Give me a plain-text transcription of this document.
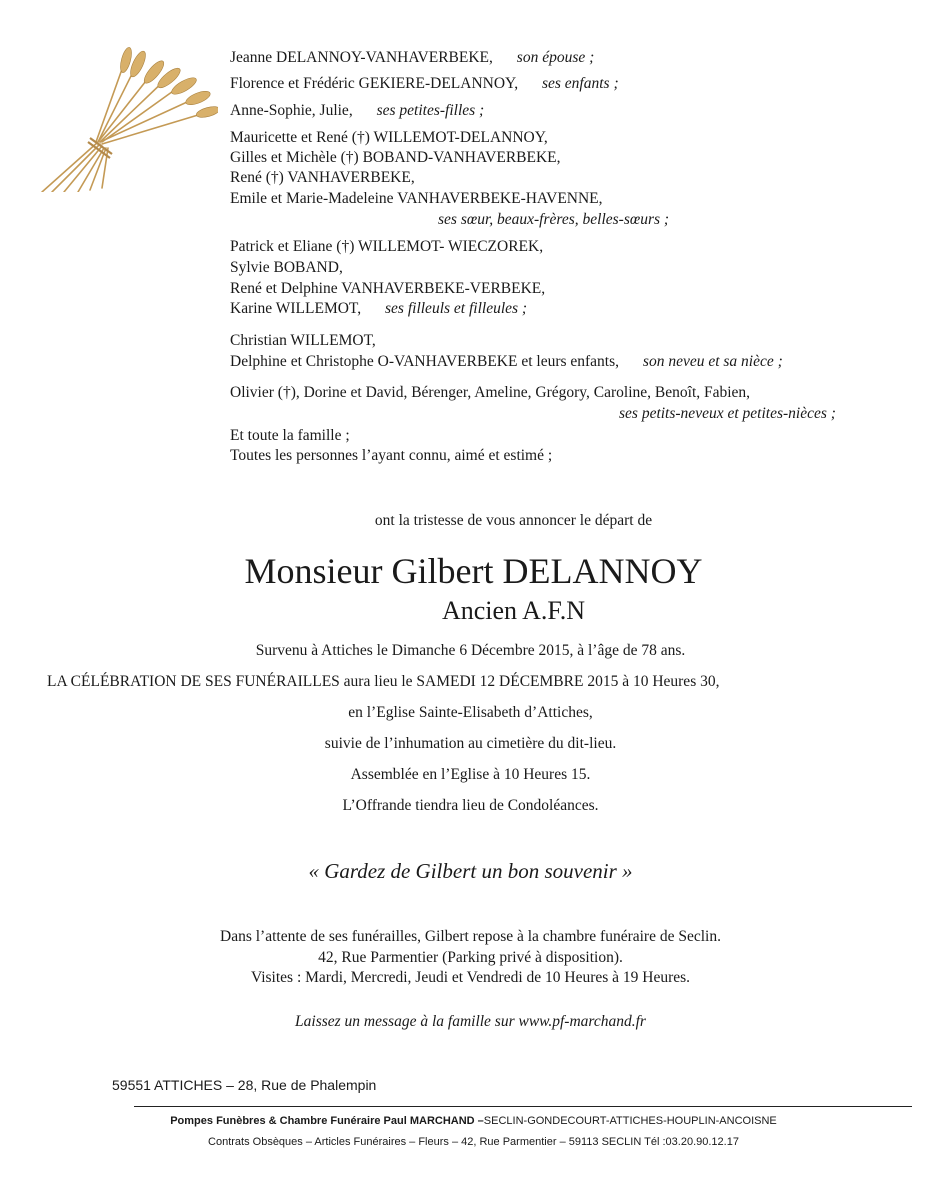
Jeanne DELANNOY-VANHAVERBEKE, son épouse ;
Florence et Frédéric GEKIERE-DELANNOY, ses enfants ;
Anne-Sophie, Julie, ses petites-filles ;
Mauricette et René (†) WILLEMOT-DELANNOY,
Gilles et Michèle (†) BOBAND-VANHAVERBEKE,
René (†) VANHAVERBEKE,
Emile et Marie-Madeleine VANHAVERBEKE-HAVENNE,
ses sœur, beaux-frères, belles-sœurs ;
Patrick et Eliane (†) WILLEMOT- WIECZOREK,
Sylvie BOBAND,
René et Delphine VANHAVERBEKE-VERBEKE,
Karine WILLEMOT, ses filleuls et filleules ;
Christian WILLEMOT,
Delphine et Christophe O-VANHAVERBEKE et leurs enfants, son neveu et sa nièce ;
Olivier (†), Dorine et David, Bérenger, Ameline, Grégory, Caroline, Benoît, Fabien,
ses petits-neveux et petites-nièces ;
Et toute la famille ;
Toutes les personnes l’ayant connu, aimé et estimé ;
ont la tristesse de vous annoncer le départ de
Monsieur Gilbert DELANNOY
Ancien A.F.N
Survenu à Attiches le Dimanche 6 Décembre 2015, à l’âge de 78 ans.
LA CÉLÉBRATION DE SES FUNÉRAILLES aura lieu le SAMEDI 12 DÉCEMBRE 2015 à 10 Heures 30,
en l’Eglise Sainte-Elisabeth d’Attiches,
suivie de l’inhumation au cimetière du dit-lieu.
Assemblée en l’Eglise à 10 Heures 15.
L’Offrande tiendra lieu de Condoléances.
« Gardez de Gilbert un bon souvenir »
Dans l’attente de ses funérailles, Gilbert repose à la chambre funéraire de Seclin.
42, Rue Parmentier (Parking privé à disposition).
Visites : Mardi, Mercredi, Jeudi et Vendredi de 10 Heures à 19 Heures.
Laissez un message à la famille sur www.pf-marchand.fr
59551 ATTICHES – 28, Rue de Phalempin
Pompes Funèbres & Chambre Funéraire Paul MARCHAND –SECLIN-GONDECOURT-ATTICHES-HOUPLIN-ANCOISNE
Contrats Obsèques – Articles Funéraires – Fleurs – 42, Rue Parmentier – 59113 SECLIN Tél :03.20.90.12.17
